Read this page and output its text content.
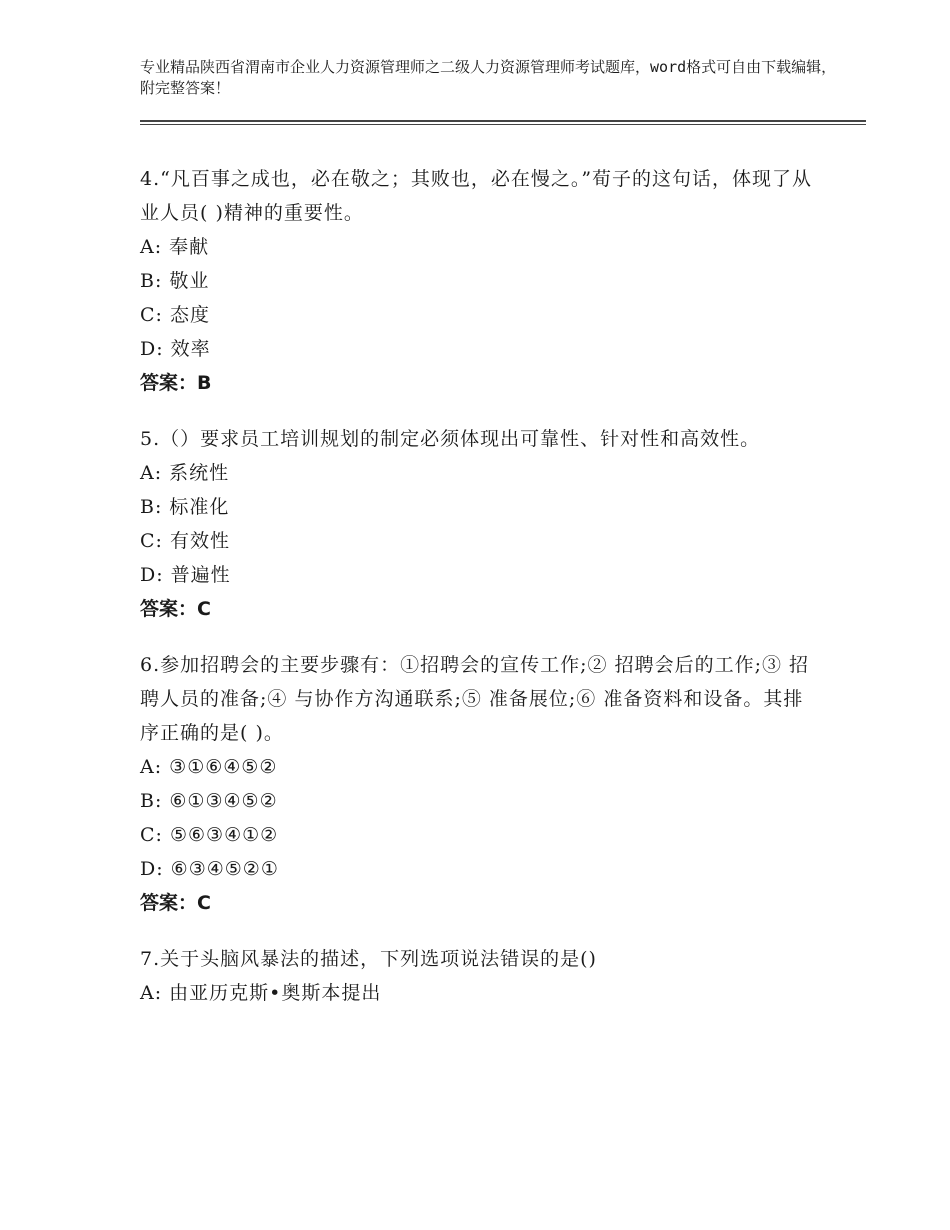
专业精品陕西省渭南市企业人力资源管理师之二级人力资源管理师考试题库，word格式可自由下载编辑，附完整答案！
4.“凡百事之成也，必在敬之；其败也，必在慢之。”荀子的这句话，体现了从业人员( )精神的重要性。
A: 奉献
B: 敬业
C: 态度
D: 效率
答案：B
5.（）要求员工培训规划的制定必须体现出可靠性、针对性和高效性。
A: 系统性
B: 标准化
C: 有效性
D: 普遍性
答案：C
6.参加招聘会的主要步骤有：①招聘会的宣传工作;② 招聘会后的工作;③ 招聘人员的准备;④ 与协作方沟通联系;⑤ 准备展位;⑥ 准备资料和设备。其排序正确的是( )。
A: ③①⑥④⑤②
B: ⑥①③④⑤②
C: ⑤⑥③④①②
D: ⑥③④⑤②①
答案：C
7.关于头脑风暴法的描述，下列选项说法错误的是()
A: 由亚历克斯•奥斯本提出
